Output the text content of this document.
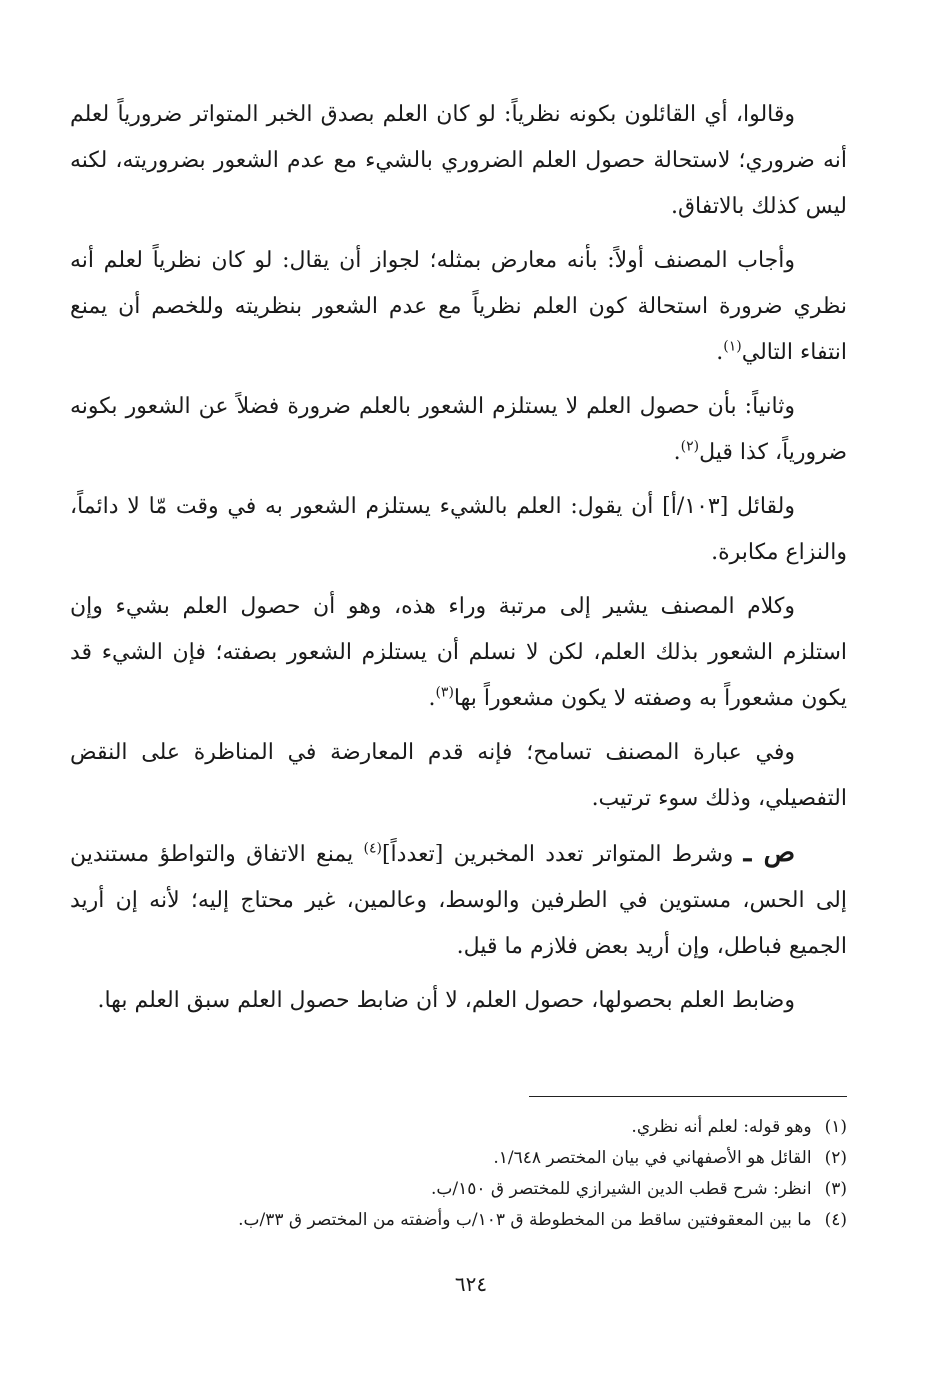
وقالوا، أي القائلون بكونه نظرياً: لو كان العلم بصدق الخبر المتواتر ضرورياً لعلم أنه ضروري؛ لاستحالة حصول العلم الضروري بالشيء مع عدم الشعور بضروريته، لكنه ليس كذلك بالاتفاق.

وأجاب المصنف أولاً: بأنه معارض بمثله؛ لجواز أن يقال: لو كان نظرياً لعلم أنه نظري ضرورة استحالة كون العلم نظرياً مع عدم الشعور بنظريته وللخصم أن يمنع انتفاء التالي$^{(١)}$.

وثانياً: بأن حصول العلم لا يستلزم الشعور بالعلم ضرورة فضلاً عن الشعور بكونه ضرورياً، كذا قيل$^{(٢)}$.

ولقائل [١٠٣/أ] أن يقول: العلم بالشيء يستلزم الشعور به في وقت مّا لا دائماً، والنزاع مكابرة.

وكلام المصنف يشير إلى مرتبة وراء هذه، وهو أن حصول العلم بشيء وإن استلزم الشعور بذلك العلم، لكن لا نسلم أن يستلزم الشعور بصفته؛ فإن الشيء قد يكون مشعوراً به وصفته لا يكون مشعوراً بها$^{(٣)}$.

وفي عبارة المصنف تسامح؛ فإنه قدم المعارضة في المناظرة على النقض التفصيلي، وذلك سوء ترتيب.

ص ـ وشرط المتواتر تعدد المخبرين [تعدداً]$^{(٤)}$ يمنع الاتفاق والتواطؤ مستندين إلى الحس، مستوين في الطرفين والوسط، وعالمين، غير محتاج إليه؛ لأنه إن أريد الجميع فباطل، وإن أريد بعض فلازم ما قيل.

وضابط العلم بحصولها، حصول العلم، لا أن ضابط حصول العلم سبق العلم بها.

(١) وهو قوله: لعلم أنه نظري.

(٢) القائل هو الأصفهاني في بيان المختصر ١/٦٤٨.

(٣) انظر: شرح قطب الدين الشيرازي للمختصر ق ١٥٠/ب.

(٤) ما بين المعقوفتين ساقط من المخطوطة ق ١٠٣/ب وأضفته من المختصر ق ٣٣/ب.

٦٢٤
